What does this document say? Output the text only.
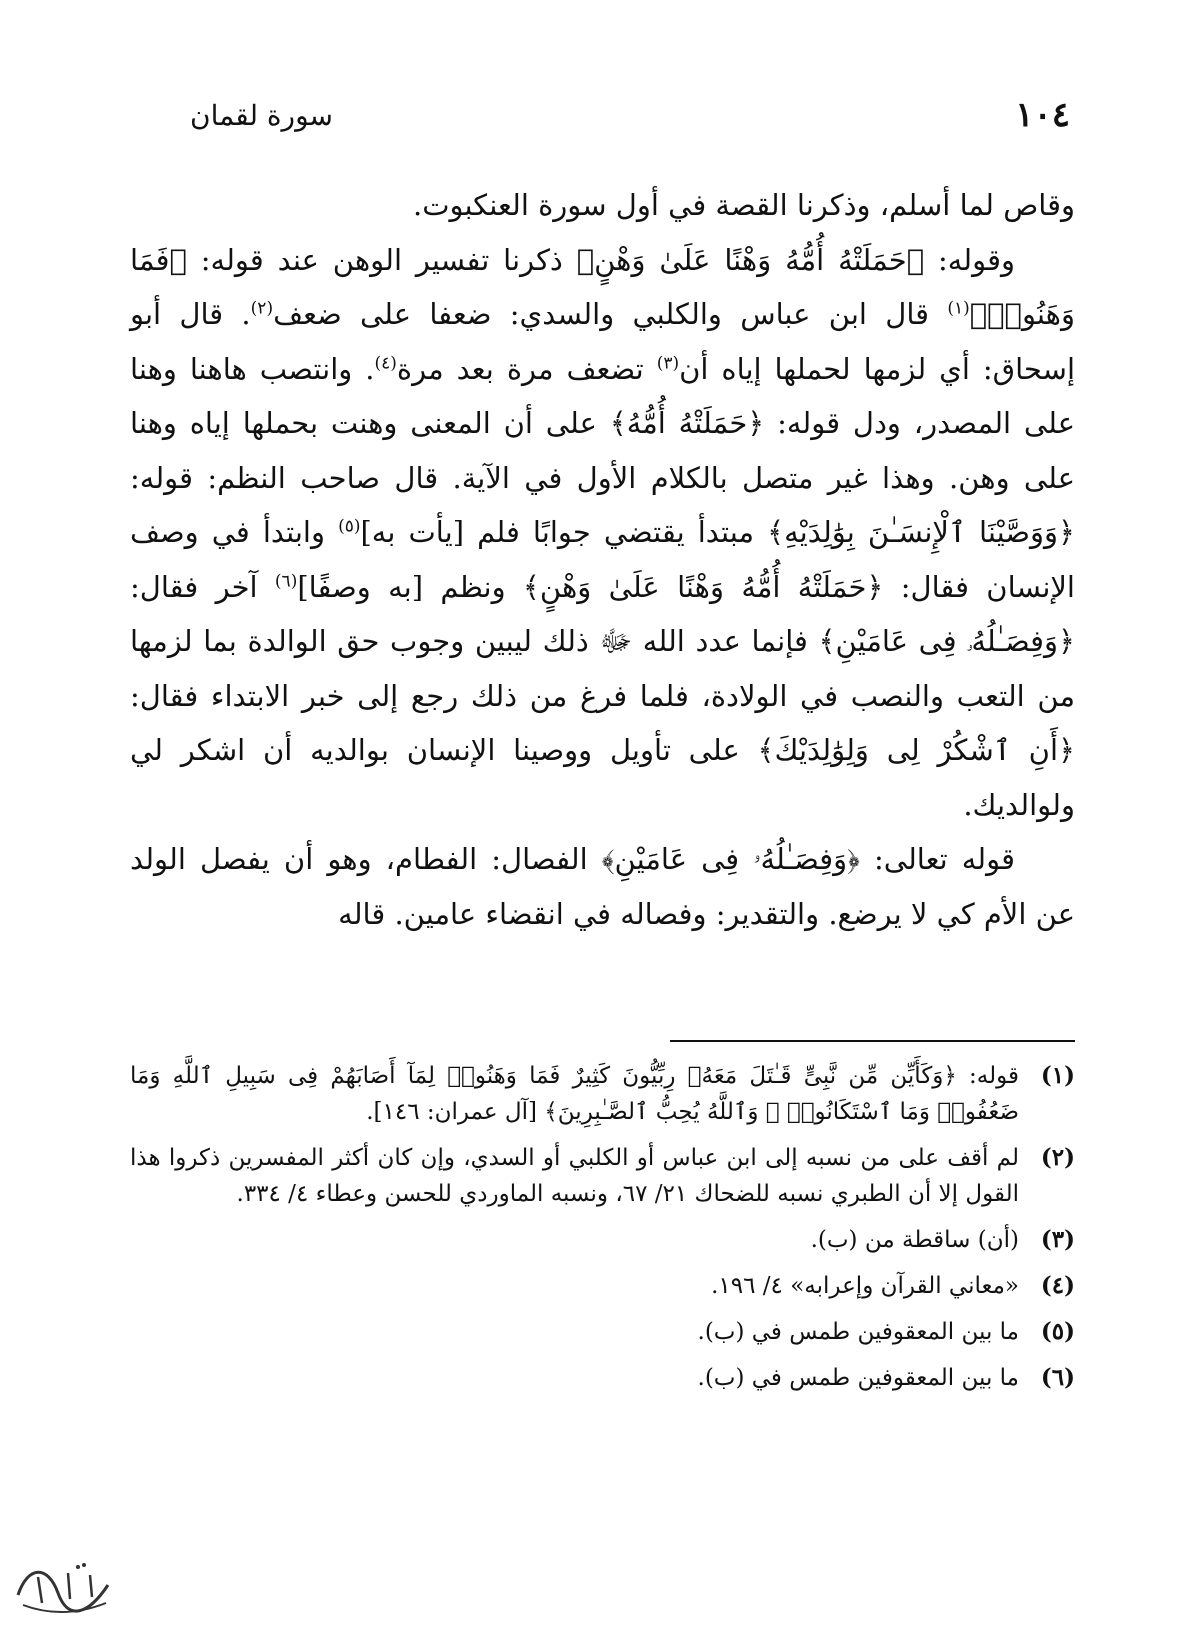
١٠٤
سورة لقمان

وقاص لما أسلم، وذكرنا القصة في أول سورة العنكبوت.

وقوله: ﴿حَمَلَتْهُ أُمُّهُ وَهْنًا عَلَىٰ وَهْنٍ﴾ ذكرنا تفسير الوهن عند قوله: ﴿فَمَا وَهَنُوا۟﴾$^{(١)}$ قال ابن عباس والكلبي والسدي: ضعفا على ضعف$^{(٢)}$. قال أبو إسحاق: أي لزمها لحملها إياه أن$^{(٣)}$ تضعف مرة بعد مرة$^{(٤)}$. وانتصب هاهنا وهنا على المصدر، ودل قوله: ﴿حَمَلَتْهُ أُمُّهُ﴾ على أن المعنى وهنت بحملها إياه وهنا على وهن. وهذا غير متصل بالكلام الأول في الآية. قال صاحب النظم: قوله: ﴿وَوَصَّيْنَا ٱلْإِنسَـٰنَ بِوَٰلِدَيْهِ﴾ مبتدأ يقتضي جوابًا فلم [يأت به]$^{(٥)}$ وابتدأ في وصف الإنسان فقال: ﴿حَمَلَتْهُ أُمُّهُ وَهْنًا عَلَىٰ وَهْنٍ﴾ ونظم [به وصفًا]$^{(٦)}$ آخر فقال: ﴿وَفِصَـٰلُهُۥ فِى عَامَيْنِ﴾ فإنما عدد الله ﷻ ذلك ليبين وجوب حق الوالدة بما لزمها من التعب والنصب في الولادة، فلما فرغ من ذلك رجع إلى خبر الابتداء فقال: ﴿أَنِ ٱشْكُرْ لِى وَلِوَٰلِدَيْكَ﴾ على تأويل ووصينا الإنسان بوالديه أن اشكر لي ولوالديك.

قوله تعالى: ﴿وَفِصَـٰلُهُۥ فِى عَامَيْنِ﴾ الفصال: الفطام، وهو أن يفصل الولد عن الأم كي لا يرضع. والتقدير: وفصاله في انقضاء عامين. قاله

(١)
قوله: ﴿وَكَأَيِّن مِّن نَّبِىٍّ قَـٰتَلَ مَعَهُۥ رِبِّيُّونَ كَثِيرٌ فَمَا وَهَنُوا۟ لِمَآ أَصَابَهُمْ فِى سَبِيلِ ٱللَّهِ وَمَا ضَعُفُوا۟ وَمَا ٱسْتَكَانُوا۟ ۗ وَٱللَّهُ يُحِبُّ ٱلصَّـٰبِرِينَ﴾ [آل عمران: ١٤٦].
(٢)
لم أقف على من نسبه إلى ابن عباس أو الكلبي أو السدي، وإن كان أكثر المفسرين ذكروا هذا القول إلا أن الطبري نسبه للضحاك ٢١/ ٦٧، ونسبه الماوردي للحسن وعطاء ٤/ ٣٣٤.
(٣)
(أن) ساقطة من (ب).
(٤)
«معاني القرآن وإعرابه» ٤/ ١٩٦.
(٥)
ما بين المعقوفين طمس في (ب).
(٦)
ما بين المعقوفين طمس في (ب).
